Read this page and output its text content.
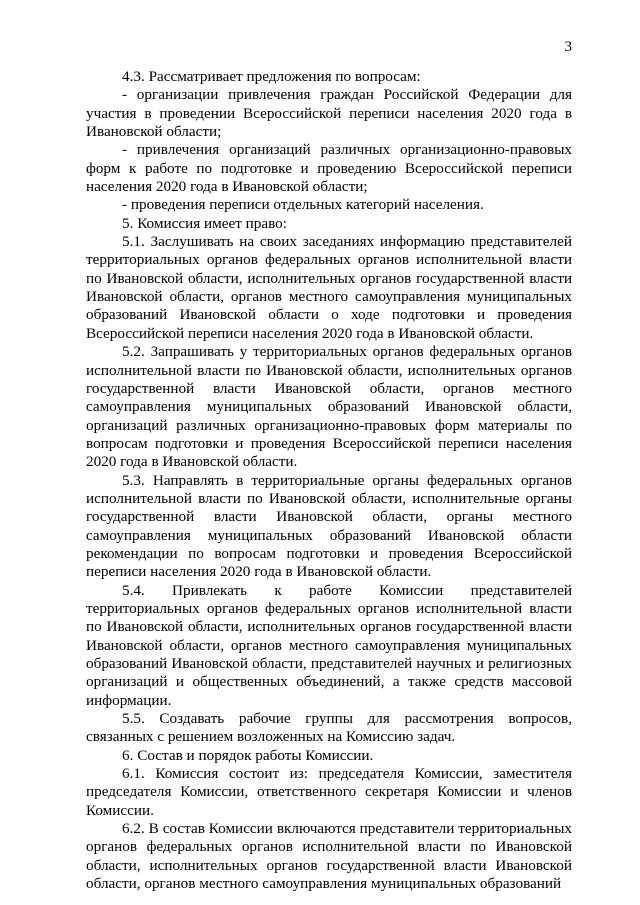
3

4.3. Рассматривает предложения по вопросам:

- организации привлечения граждан Российской Федерации для участия в проведении Всероссийской переписи населения 2020 года в Ивановской области;

- привлечения организаций различных организационно-правовых форм к работе по подготовке и проведению Всероссийской переписи населения 2020 года в Ивановской области;

- проведения переписи отдельных категорий населения.

5. Комиссия имеет право:

5.1. Заслушивать на своих заседаниях информацию представителей территориальных органов федеральных органов исполнительной власти по Ивановской области, исполнительных органов государственной власти Ивановской области, органов местного самоуправления муниципальных образований Ивановской области о ходе подготовки и проведения Всероссийской переписи населения 2020 года в Ивановской области.

5.2. Запрашивать у территориальных органов федеральных органов исполнительной власти по Ивановской области, исполнительных органов государственной власти Ивановской области, органов местного самоуправления муниципальных образований Ивановской области, организаций различных организационно-правовых форм материалы по вопросам подготовки и проведения Всероссийской переписи населения 2020 года в Ивановской области.

5.3. Направлять в территориальные органы федеральных органов исполнительной власти по Ивановской области, исполнительные органы государственной власти Ивановской области, органы местного самоуправления муниципальных образований Ивановской области рекомендации по вопросам подготовки и проведения Всероссийской переписи населения 2020 года в Ивановской области.

5.4. Привлекать к работе Комиссии представителей территориальных органов федеральных органов исполнительной власти по Ивановской области, исполнительных органов государственной власти Ивановской области, органов местного самоуправления муниципальных образований Ивановской области, представителей научных и религиозных организаций и общественных объединений, а также средств массовой информации.

5.5. Создавать рабочие группы для рассмотрения вопросов, связанных с решением возложенных на Комиссию задач.

6. Состав и порядок работы Комиссии.

6.1. Комиссия состоит из: председателя Комиссии, заместителя председателя Комиссии, ответственного секретаря Комиссии и членов Комиссии.

6.2. В состав Комиссии включаются представители территориальных органов федеральных органов исполнительной власти по Ивановской области, исполнительных органов государственной власти Ивановской области, органов местного самоуправления муниципальных образований
